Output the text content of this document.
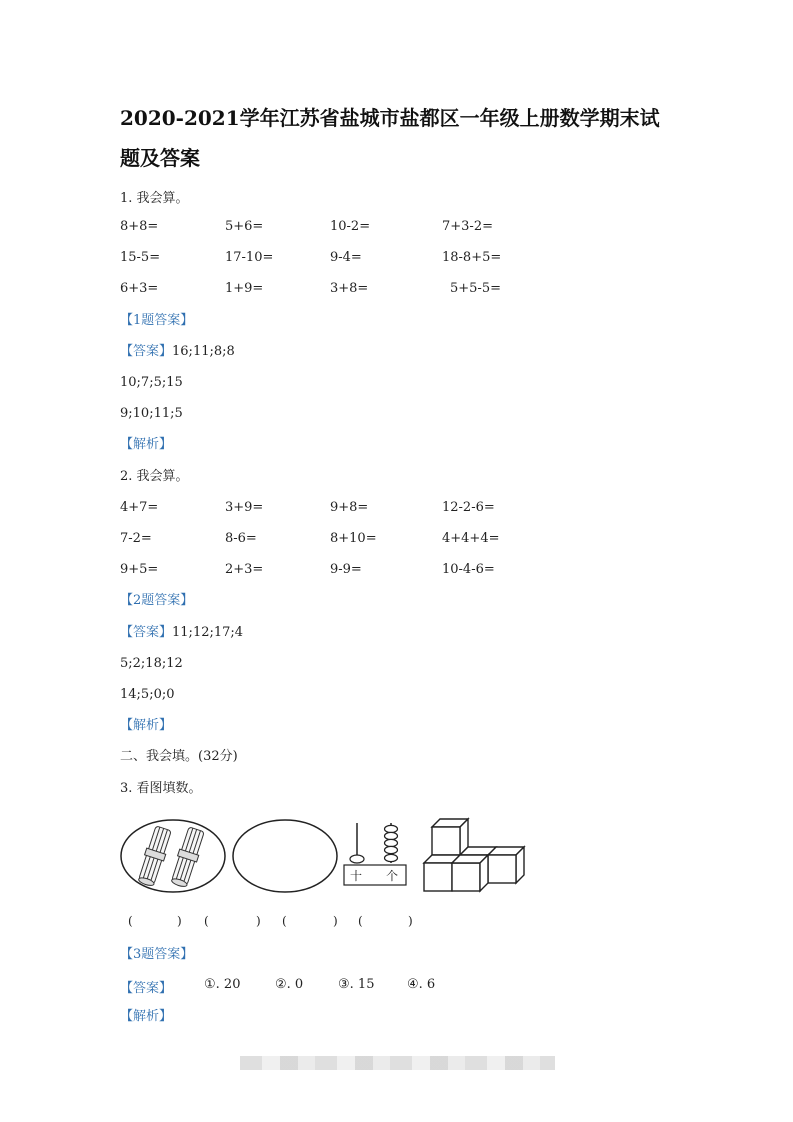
2020-2021学年江苏省盐城市盐都区一年级上册数学期末试
题及答案
1. 我会算。
8+8=	5+6=	10-2=	7+3-2=
15-5=	17-10=	9-4=	18-8+5=
6+3=	1+9=	3+8=	5+5-5=
【1题答案】
【答案】16;11;8;8
10;7;5;15
9;10;11;5
【解析】
2. 我会算。
4+7=	3+9=	9+8=	12-2-6=
7-2=	8-6=	8+10=	4+4+4=
9+5=	2+3=	9-9=	10-4-6=
【2题答案】
【答案】11;12;17;4
5;2;18;12
14;5;0;0
【解析】
二、我会填。(32分)
3. 看图填数。
十 个
(	) (	) (	) (	)
【3题答案】
【答案】 ①. 20	②. 0	③. 15	④. 6
【解析】
